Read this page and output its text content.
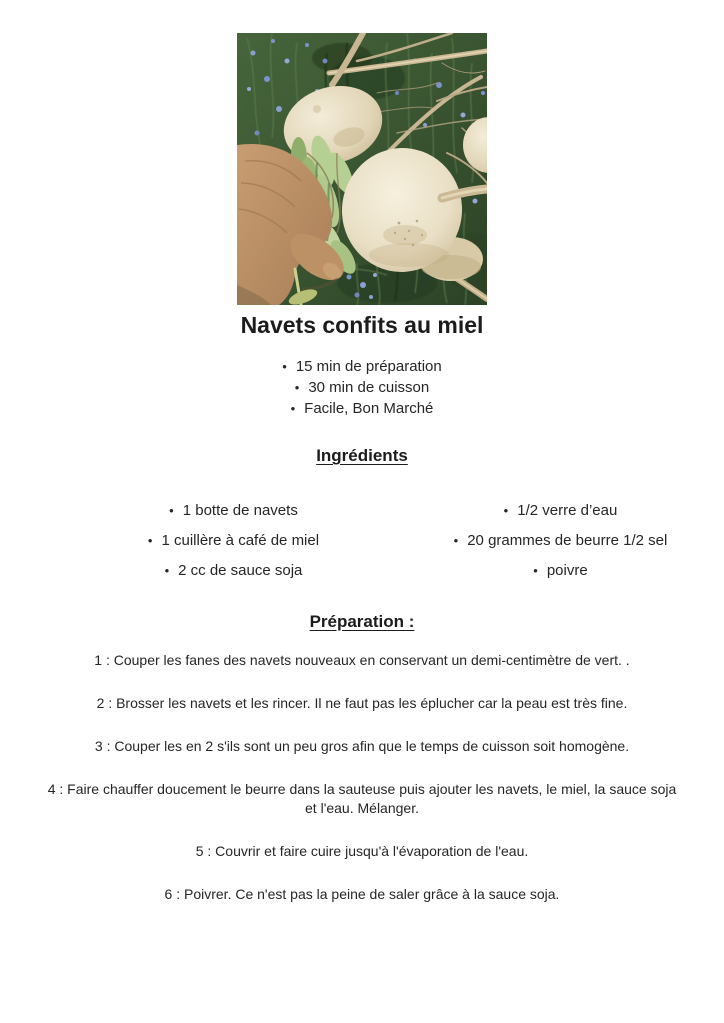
Navets confits au miel
• 15 min de préparation
• 30 min de cuisson
• Facile, Bon Marché
Ingrédients
• 1 botte de navets
• 1 cuillère à café de miel
• 2 cc de sauce soja
• 1/2 verre d’eau
• 20 grammes de beurre 1/2 sel
• poivre
Préparation :

1 : Couper les fanes des navets nouveaux en conservant un demi-centimètre de vert. .

2 : Brosser les navets et les rincer. Il ne faut pas les éplucher car la peau est très fine.

3 : Couper les en 2 s'ils sont un peu gros afin que le temps de cuisson soit homogène.

4 : Faire chauffer doucement le beurre dans la sauteuse puis ajouter les navets, le miel, la sauce soja et l'eau. Mélanger.

5 : Couvrir et faire cuire jusqu'à l'évaporation de l'eau.

6 : Poivrer. Ce n'est pas la peine de saler grâce à la sauce soja.
